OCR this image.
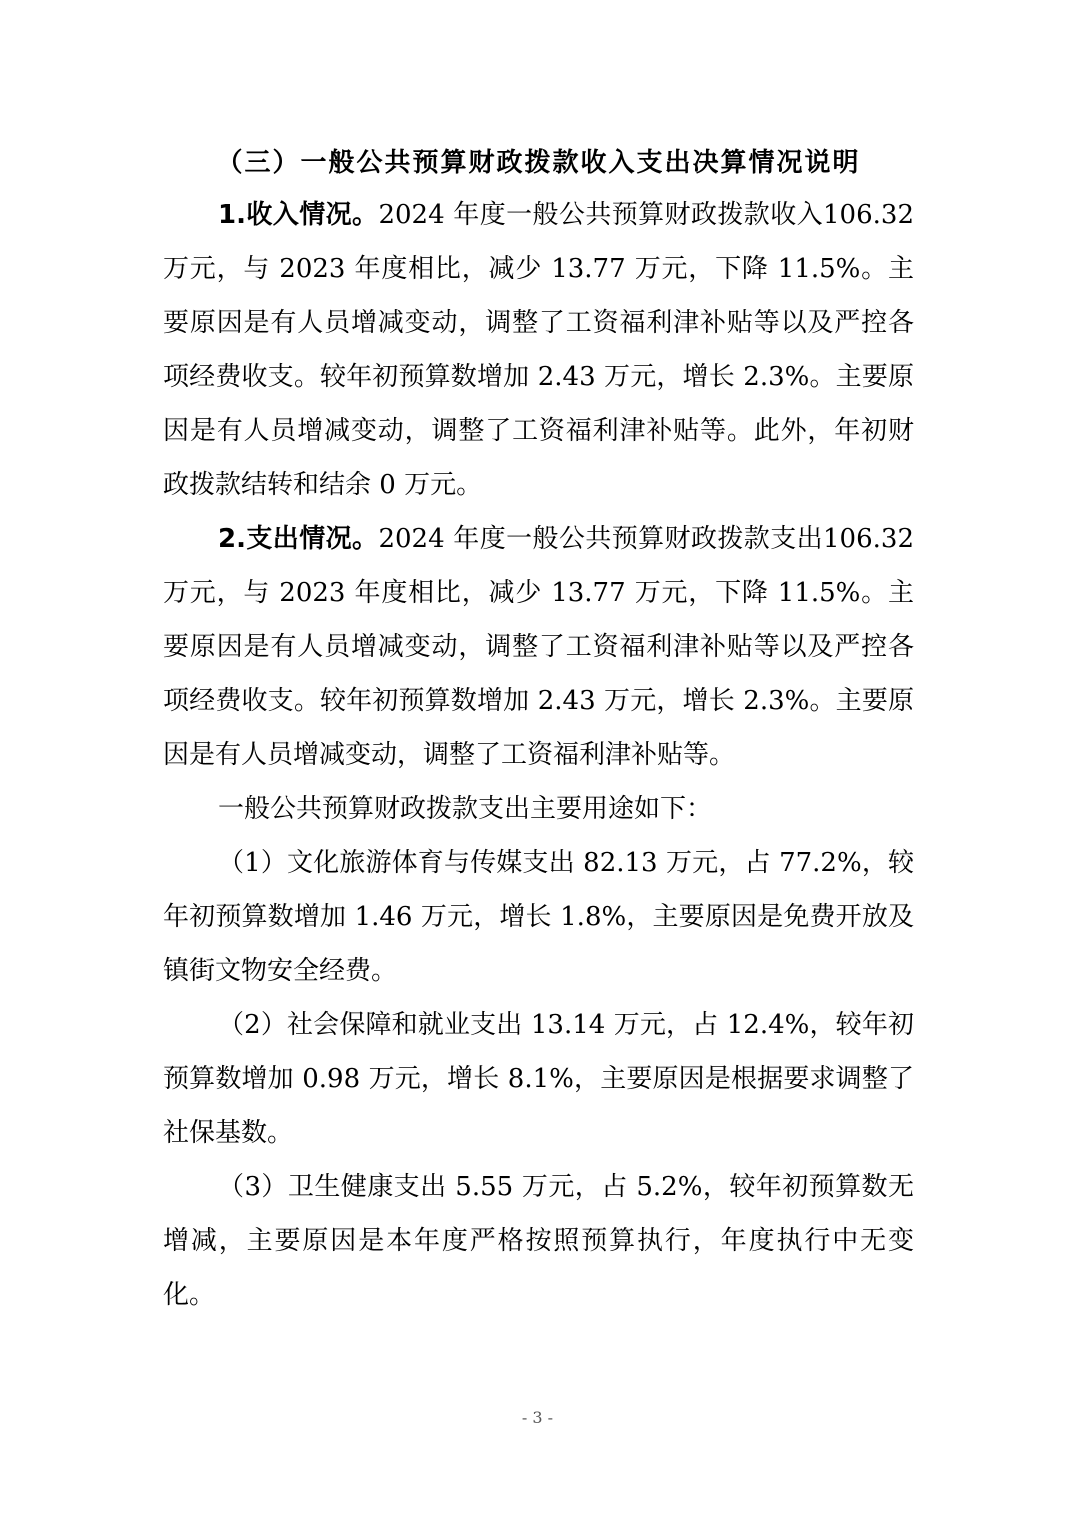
（三）一般公共预算财政拨款收入支出决算情况说明

1.收入情况。2024 年度一般公共预算财政拨款收入106.32 万元，与 2023 年度相比，减少 13.77 万元，下降 11.5%。主要原因是有人员增减变动，调整了工资福利津补贴等以及严控各项经费收支。较年初预算数增加 2.43 万元，增长 2.3%。主要原因是有人员增减变动，调整了工资福利津补贴等。此外，年初财政拨款结转和结余 0 万元。

2.支出情况。2024 年度一般公共预算财政拨款支出106.32 万元，与 2023 年度相比，减少 13.77 万元，下降 11.5%。主要原因是有人员增减变动，调整了工资福利津补贴等以及严控各项经费收支。较年初预算数增加 2.43 万元，增长 2.3%。主要原因是有人员增减变动，调整了工资福利津补贴等。

一般公共预算财政拨款支出主要用途如下：

（1）文化旅游体育与传媒支出 82.13 万元，占 77.2%，较年初预算数增加 1.46 万元，增长 1.8%，主要原因是免费开放及镇街文物安全经费。

（2）社会保障和就业支出 13.14 万元，占 12.4%，较年初预算数增加 0.98 万元，增长 8.1%，主要原因是根据要求调整了社保基数。

（3）卫生健康支出 5.55 万元，占 5.2%，较年初预算数无增减，主要原因是本年度严格按照预算执行，年度执行中无变化。

- 3 -
